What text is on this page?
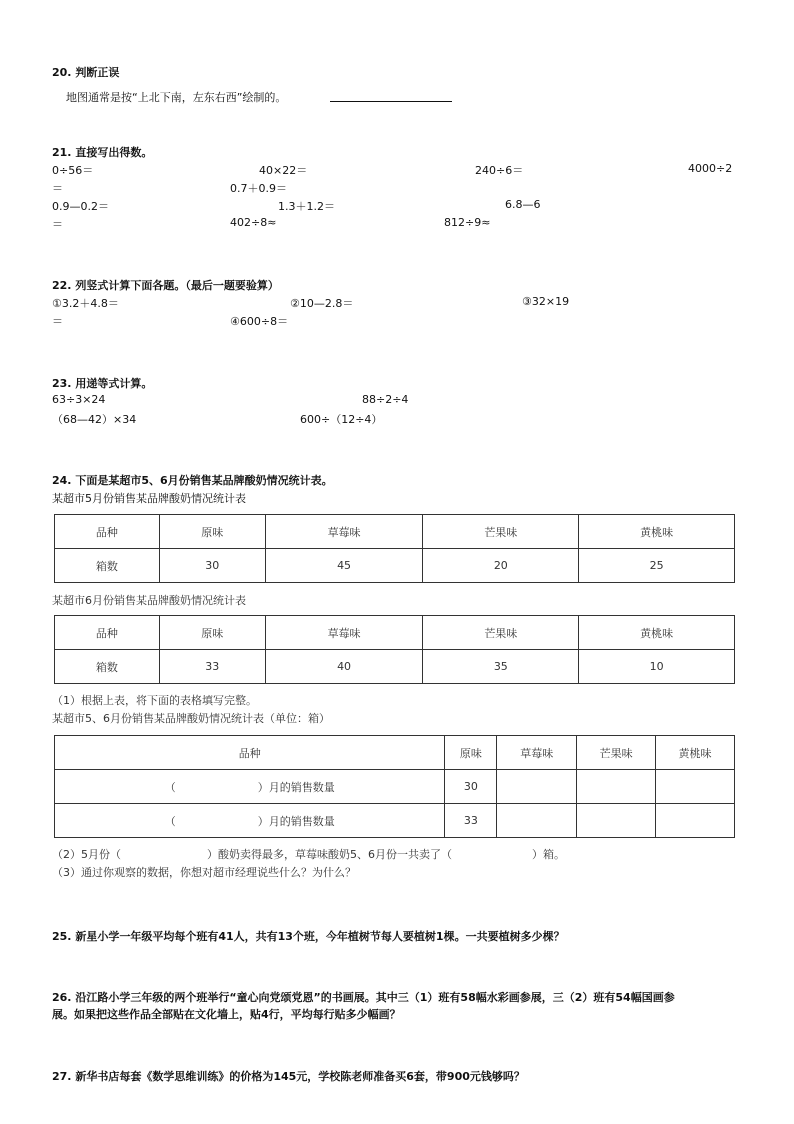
20. 判断正误
地图通常是按“上北下南，左东右西”绘制的。
21. 直接写出得数。
0÷56＝	40×22＝	240÷6＝	4000÷2
＝	0.7＋0.9＝
0.9—0.2＝	1.3＋1.2＝	6.8—6
＝	402÷8≈	812÷9≈
22. 列竖式计算下面各题。（最后一题要验算）
①3.2＋4.8＝	②10—2.8＝	③32×19
＝	④600÷8＝
23. 用递等式计算。
63÷3×24	88÷2÷4
（68—42）×34	600÷（12÷4）
24. 下面是某超市5、6月份销售某品牌酸奶情况统计表。
某超市5月份销售某品牌酸奶情况统计表
品种	原味	草莓味	芒果味	黄桃味
箱数	30	45	20	25
某超市6月份销售某品牌酸奶情况统计表
品种	原味	草莓味	芒果味	黄桃味
箱数	33	40	35	10
（1）根据上表，将下面的表格填写完整。
某超市5、6月份销售某品牌酸奶情况统计表（单位：箱）
品种	原味	草莓味	芒果味	黄桃味
（ ）月的销售数量	30			
（ ）月的销售数量	33			
（2）5月份（	）酸奶卖得最多，草莓味酸奶5、6月份一共卖了（	）箱。
（3）通过你观察的数据，你想对超市经理说些什么？为什么？
25. 新星小学一年级平均每个班有41人，共有13个班，今年植树节每人要植树1棵。一共要植树多少棵？
26. 沿江路小学三年级的两个班举行“童心向党颂党恩”的书画展。其中三（1）班有58幅水彩画参展，三（2）班有54幅国画参
展。如果把这些作品全部贴在文化墙上，贴4行，平均每行贴多少幅画？
27. 新华书店每套《数学思维训练》的价格为145元，学校陈老师准备买6套，带900元钱够吗？
